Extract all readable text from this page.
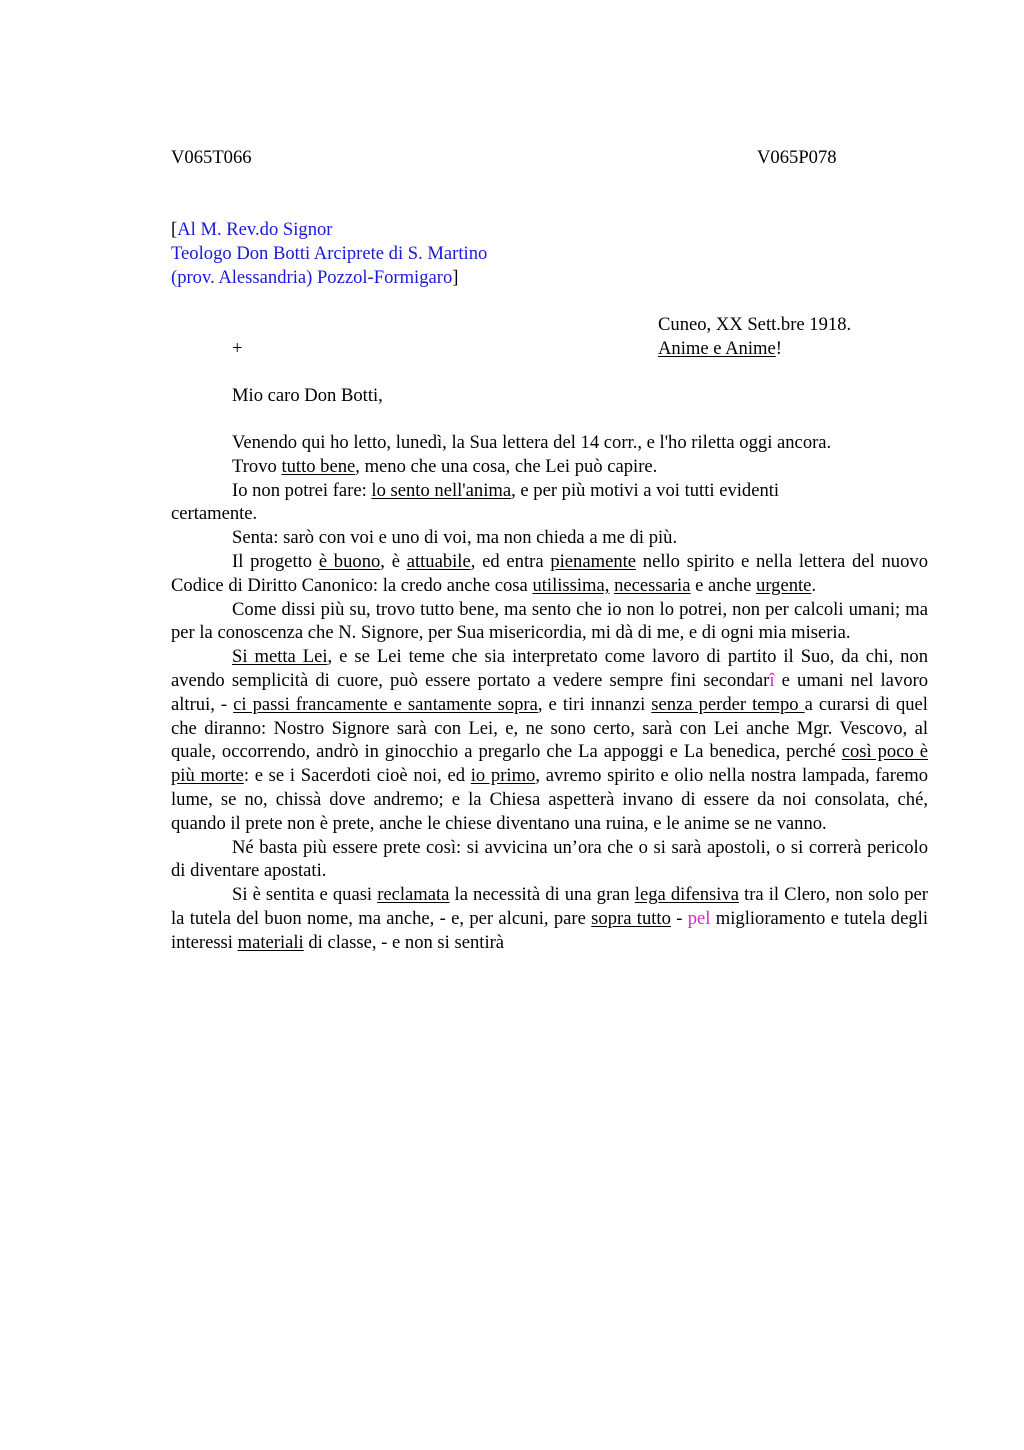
V065T066	V065P078
[Al M. Rev.do Signor
Teologo Don Botti Arciprete di S. Martino
(prov. Alessandria) Pozzol-Formigaro]
Cuneo, XX Sett.bre 1918.
+	Anime e Anime!
Mio caro Don Botti,

Venendo qui ho letto, lunedì, la Sua lettera del 14 corr., e l'ho riletta oggi ancora.

Trovo tutto bene, meno che una cosa, che Lei può capire.

Io non potrei fare: lo sento nell'anima, e per più motivi a voi tutti evidenti certamente.

Senta: sarò con voi e uno di voi, ma non chieda a me di più.

Il progetto è buono, è attuabile, ed entra pienamente nello spirito e nella lettera del nuovo Codice di Diritto Canonico: la credo anche cosa utilissima, necessaria e anche urgente.

Come dissi più su, trovo tutto bene, ma sento che io non lo potrei, non per calcoli umani; ma per la conoscenza che N. Signore, per Sua misericordia, mi dà di me, e di ogni mia miseria.

Si metta Lei, e se Lei teme che sia interpretato come lavoro di partito il Suo, da chi, non avendo semplicità di cuore, può essere portato a vedere sempre fini secondarî e umani nel lavoro altrui, - ci passi francamente e santamente sopra, e tiri innanzi senza perder tempo a curarsi di quel che diranno: Nostro Signore sarà con Lei, e, ne sono certo, sarà con Lei anche Mgr. Vescovo, al quale, occorrendo, andrò in ginocchio a pregarlo che La appoggi e La benedica, perché così poco è più morte: e se i Sacerdoti cioè noi, ed io primo, avremo spirito e olio nella nostra lampada, faremo lume, se no, chissà dove andremo; e la Chiesa aspetterà invano di essere da noi consolata, ché, quando il prete non è prete, anche le chiese diventano una ruina, e le anime se ne vanno.

Né basta più essere prete così: si avvicina un’ora che o si sarà apostoli, o si correrà pericolo di diventare apostati.

Si è sentita e quasi reclamata la necessità di una gran lega difensiva tra il Clero, non solo per la tutela del buon nome, ma anche, - e, per alcuni, pare sopra tutto - pel miglioramento e tutela degli interessi materiali di classe, - e non si sentirà
